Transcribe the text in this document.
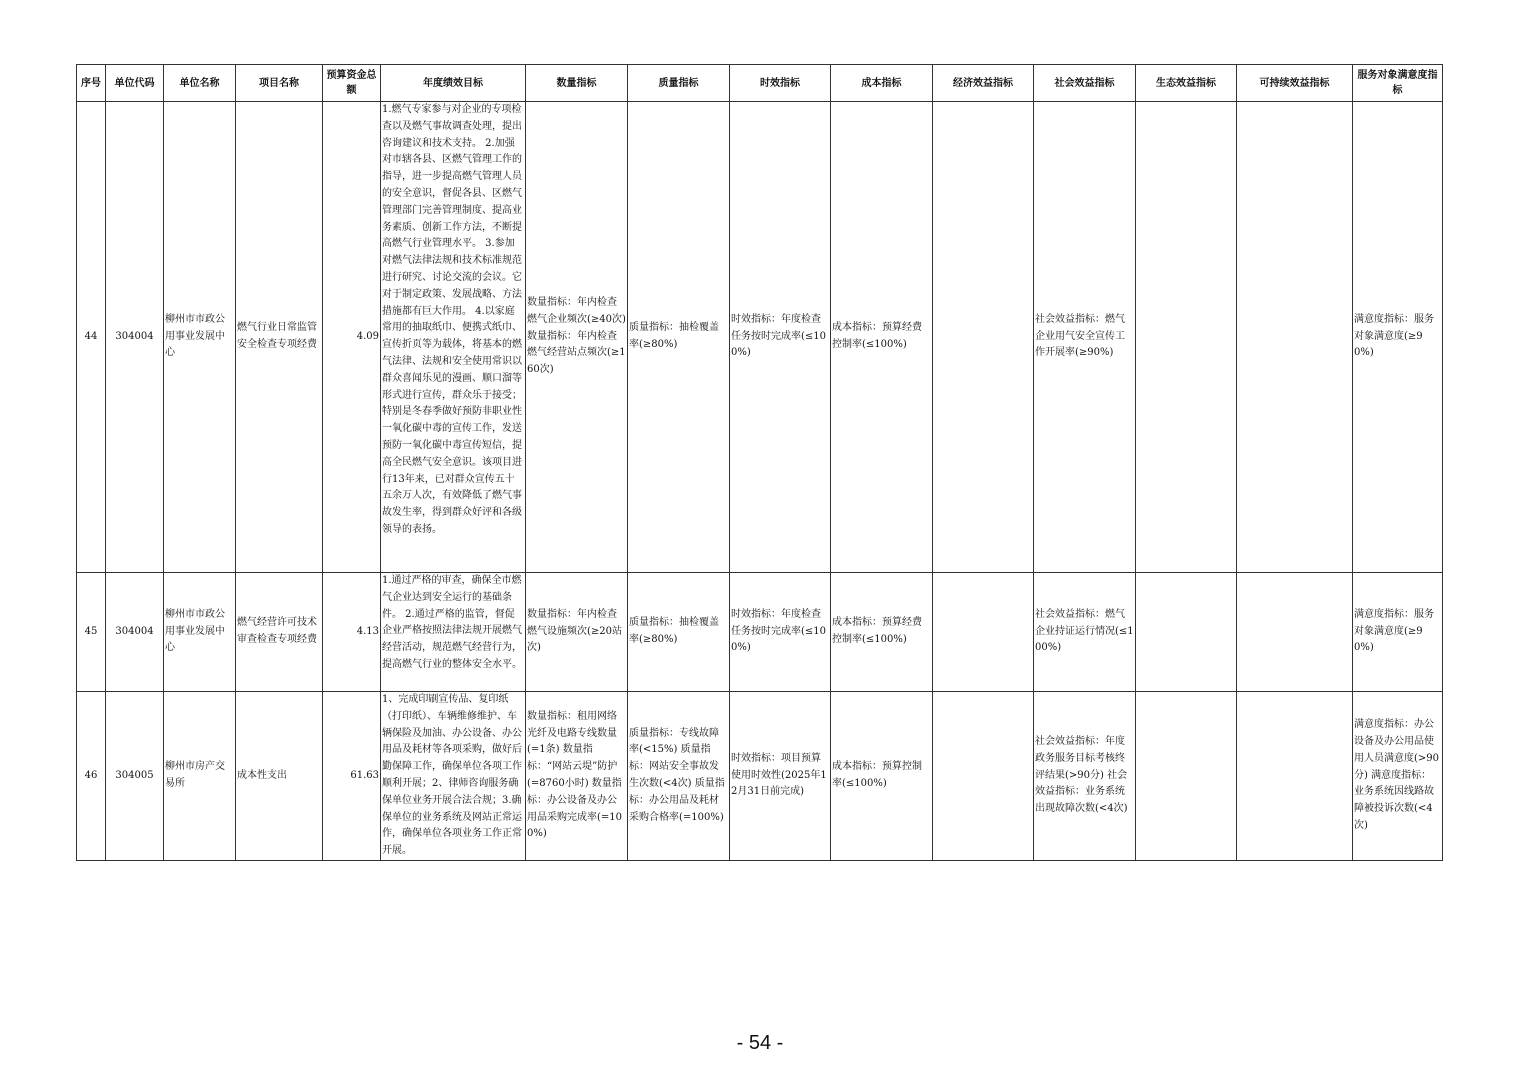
序号	单位代码	单位名称	项目名称	预算资金总额	年度绩效目标	数量指标	质量指标	时效指标	成本指标	经济效益指标	社会效益指标	生态效益指标	可持续效益指标	服务对象满意度指标
44	304004	柳州市市政公用事业发展中心	燃气行业日常监管安全检查专项经费	4.09	1.燃气专家参与对企业的专项检查以及燃气事故调查处理，提出咨询建议和技术支持。 2.加强对市辖各县、区燃气管理工作的指导，进一步提高燃气管理人员的安全意识，督促各县、区燃气管理部门完善管理制度、提高业务素质、创新工作方法，不断提高燃气行业管理水平。 3.参加对燃气法律法规和技术标准规范进行研究、讨论交流的会议。它对于制定政策、发展战略、方法措施都有巨大作用。 4.以家庭常用的抽取纸巾、便携式纸巾、宣传折页等为载体，将基本的燃气法律、法规和安全使用常识以群众喜闻乐见的漫画、顺口溜等形式进行宣传，群众乐于接受；特别是冬春季做好预防非职业性一氧化碳中毒的宣传工作，发送预防一氧化碳中毒宣传短信，提高全民燃气安全意识。该项目进行13年来，已对群众宣传五十五余万人次，有效降低了燃气事故发生率，得到群众好评和各级领导的表扬。	数量指标：年内检查燃气企业频次(≥40次) 数量指标：年内检查燃气经营站点频次(≥160次)	质量指标：抽检覆盖率(≥80%)	时效指标：年度检查任务按时完成率(≤100%)	成本指标：预算经费控制率(≤100%)		社会效益指标：燃气企业用气安全宣传工作开展率(≥90%)			满意度指标：服务对象满意度(≥90%)
45	304004	柳州市市政公用事业发展中心	燃气经营许可技术审查检查专项经费	4.13	1.通过严格的审查，确保全市燃气企业达到安全运行的基础条件。 2.通过严格的监管，督促企业严格按照法律法规开展燃气经营活动，规范燃气经营行为，提高燃气行业的整体安全水平。	数量指标：年内检查燃气设施频次(≥20站次)	质量指标：抽检覆盖率(≥80%)	时效指标：年度检查任务按时完成率(≤100%)	成本指标：预算经费控制率(≤100%)		社会效益指标：燃气企业持证运行情况(≤100%)			满意度指标：服务对象满意度(≥90%)
46	304005	柳州市房产交易所	成本性支出	61.63	1、完成印刷宣传品、复印纸（打印纸）、车辆维修维护、车辆保险及加油、办公设备、办公用品及耗材等各项采购，做好后勤保障工作，确保单位各项工作顺利开展；2、律师咨询服务确保单位业务开展合法合规；3.确保单位的业务系统及网站正常运作，确保单位各项业务工作正常开展。	数量指标：租用网络光纤及电路专线数量(=1条) 数量指标：“网站云堤”防护(=8760小时) 数量指标：办公设备及办公用品采购完成率(=100%)	质量指标：专线故障率(<15%) 质量指标：网站安全事故发生次数(<4次) 质量指标：办公用品及耗材采购合格率(=100%)	时效指标：项目预算使用时效性(2025年12月31日前完成)	成本指标：预算控制率(≤100%)		社会效益指标：年度政务服务目标考核终评结果(>90分) 社会效益指标：业务系统出现故障次数(<4次)			满意度指标：办公设备及办公用品使用人员满意度(>90分) 满意度指标：业务系统因线路故障被投诉次数(<4次)
- 54 -
